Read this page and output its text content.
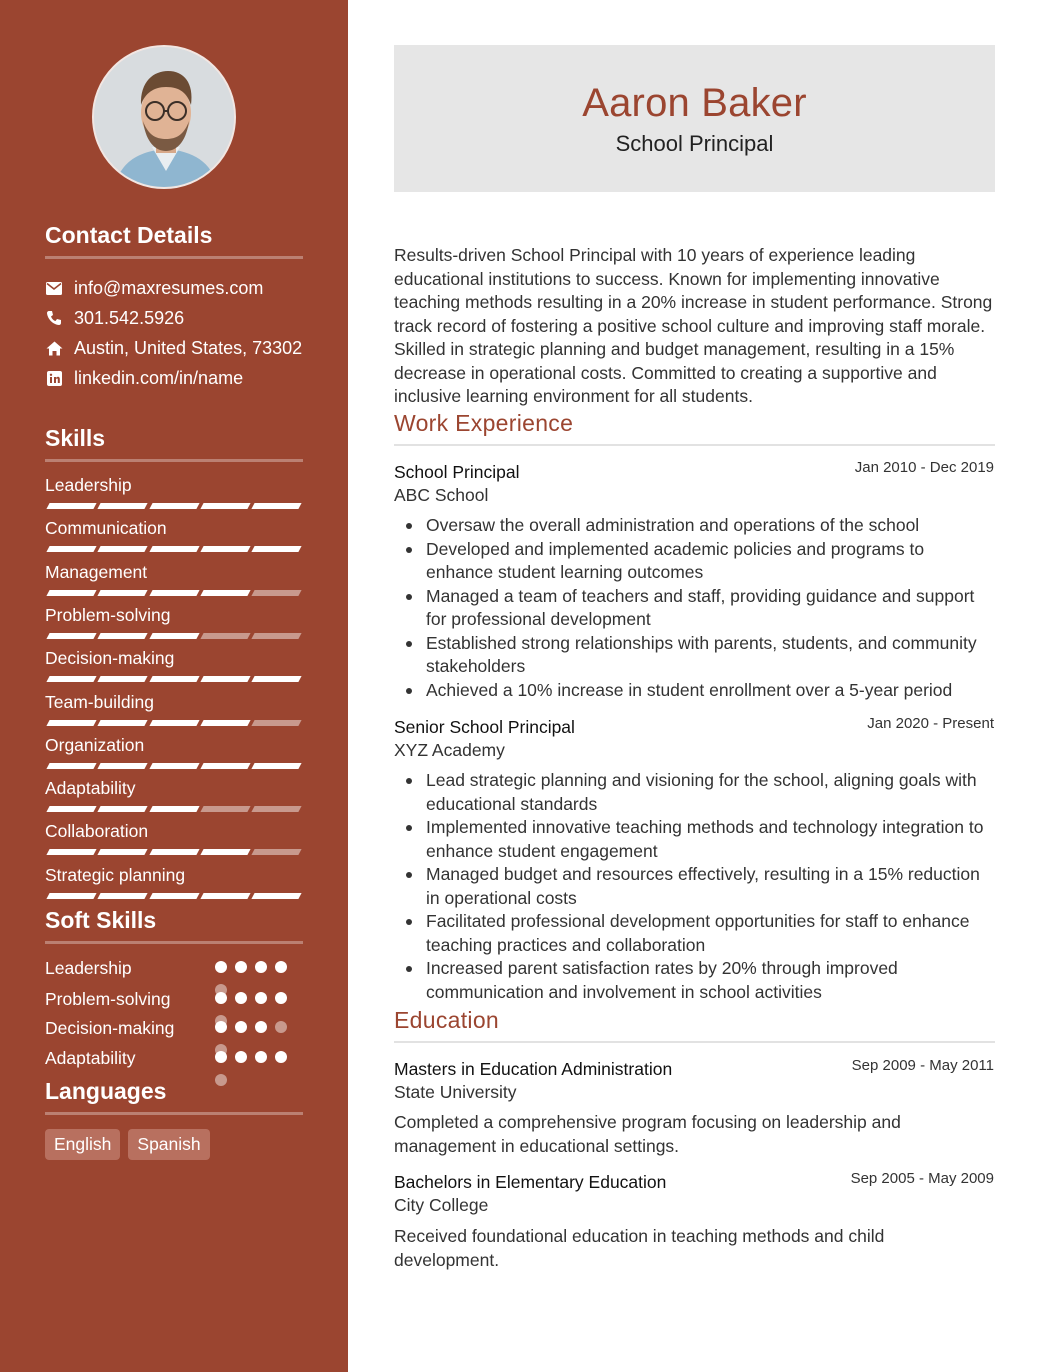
Contact Details
info@maxresumes.com
301.542.5926
Austin, United States, 73302
linkedin.com/in/name
Skills
Leadership
Communication
Management
Problem-solving
Decision-making
Team-building
Organization
Adaptability
Collaboration
Strategic planning
Soft Skills
Leadership
Problem-solving
Decision-making
Adaptability
Languages
English	Spanish
Aaron Baker
School Principal

Results-driven School Principal with 10 years of experience leading educational institutions to success. Known for implementing innovative teaching methods resulting in a 20% increase in student performance. Strong track record of fostering a positive school culture and improving staff morale. Skilled in strategic planning and budget management, resulting in a 15% decrease in operational costs. Committed to creating a supportive and inclusive learning environment for all students.

Work Experience
School Principal	Jan 2010 - Dec 2019
ABC School
Oversaw the overall administration and operations of the school
Developed and implemented academic policies and programs to enhance student learning outcomes
Managed a team of teachers and staff, providing guidance and support for professional development
Established strong relationships with parents, students, and community stakeholders
Achieved a 10% increase in student enrollment over a 5-year period
Senior School Principal	Jan 2020 - Present
XYZ Academy
Lead strategic planning and visioning for the school, aligning goals with educational standards
Implemented innovative teaching methods and technology integration to enhance student engagement
Managed budget and resources effectively, resulting in a 15% reduction in operational costs
Facilitated professional development opportunities for staff to enhance teaching practices and collaboration
Increased parent satisfaction rates by 20% through improved communication and involvement in school activities
Education
Masters in Education Administration	Sep 2009 - May 2011
State University

Completed a comprehensive program focusing on leadership and management in educational settings.

Bachelors in Elementary Education	Sep 2005 - May 2009
City College

Received foundational education in teaching methods and child development.
